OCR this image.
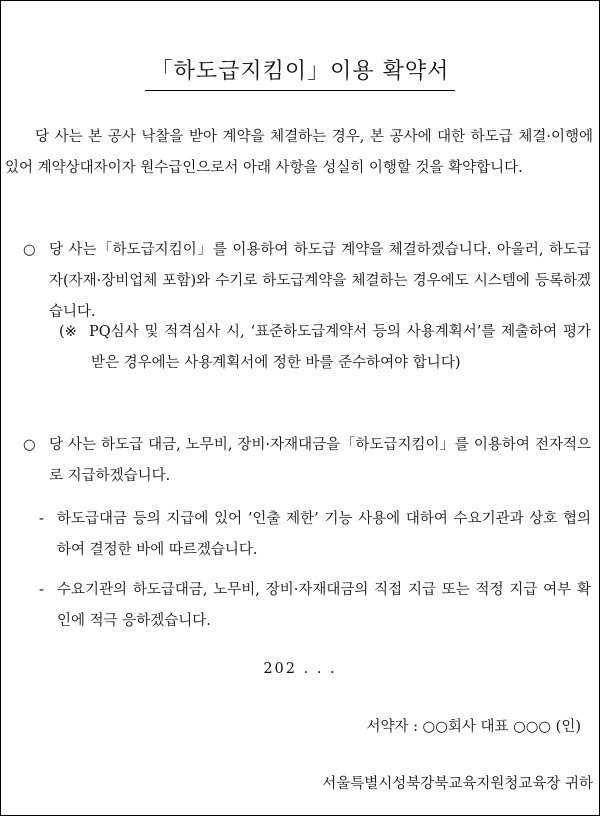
「하도급지킴이」이용 확약서

당 사는 본 공사 낙찰을 받아 계약을 체결하는 경우, 본 공사에 대한 하도급 체결·이행에 있어 계약상대자이자 원수급인으로서 아래 사항을 성실히 이행할 것을 확약합니다.

○ 당 사는「하도급지킴이」를 이용하여 하도급 계약을 체결하겠습니다. 아울러, 하도급자(자재·장비업체 포함)와 수기로 하도급계약을 체결하는 경우에도 시스템에 등록하겠습니다.
(※ PQ심사 및 적격심사 시, ‘표준하도급계약서 등의 사용계획서’를 제출하여 평가받은 경우에는 사용계획서에 정한 바를 준수하여야 합니다)
○ 당 사는 하도급 대금, 노무비, 장비·자재대금을「하도급지킴이」를 이용하여 전자적으로 지급하겠습니다.
- 하도급대금 등의 지급에 있어 ’인출 제한’ 기능 사용에 대하여 수요기관과 상호 협의하여 결정한 바에 따르겠습니다.
- 수요기관의 하도급대금, 노무비, 장비·자재대금의 직접 지급 또는 적정 지급 여부 확인에 적극 응하겠습니다.
202 . . .
서약자 : ○○회사 대표 ○○○ (인)
서울특별시성북강북교육지원청교육장 귀하
